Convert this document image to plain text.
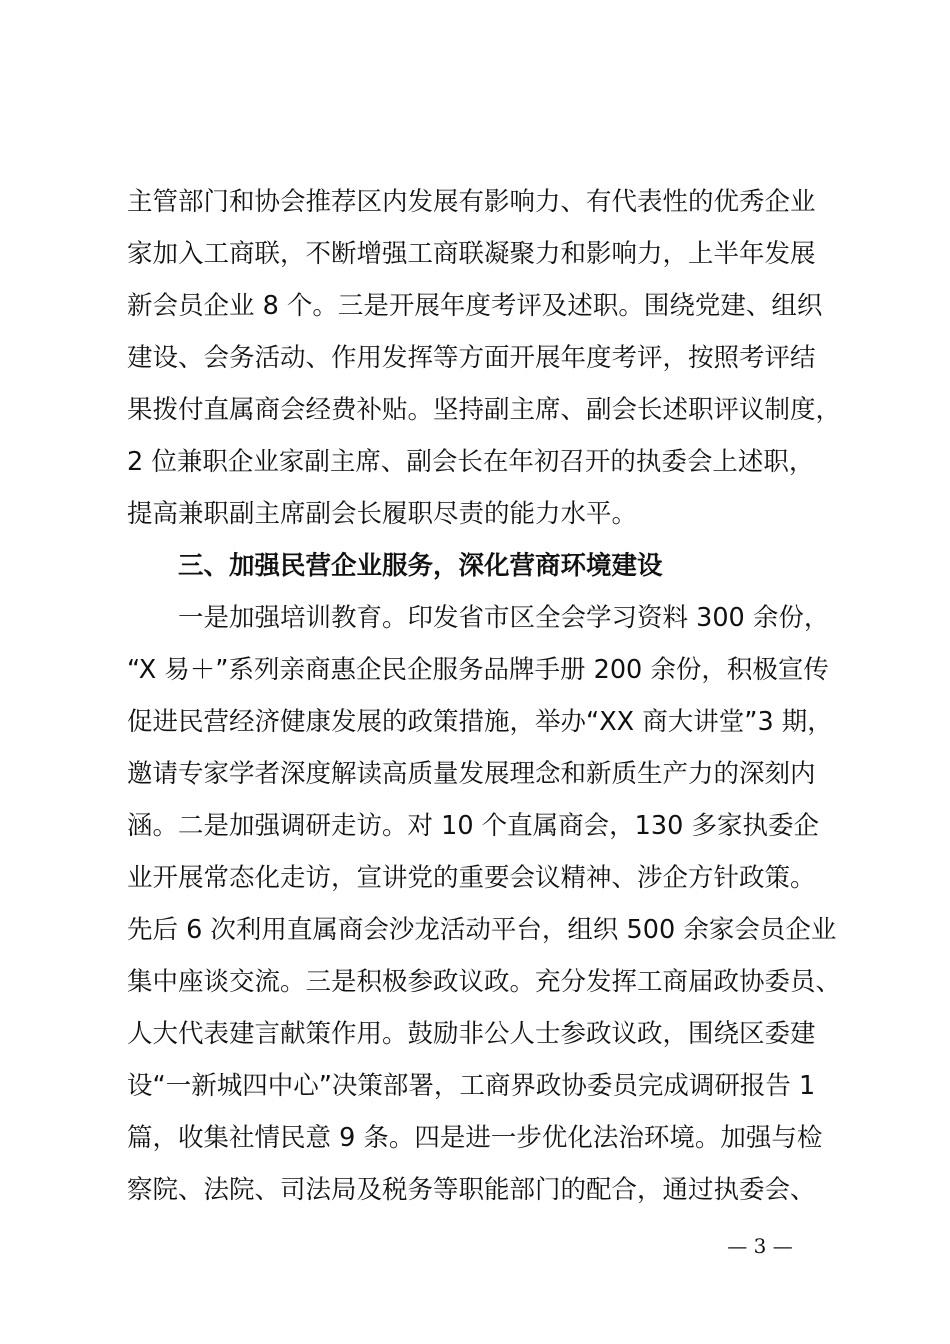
主管部门和协会推荐区内发展有影响力、有代表性的优秀企业
家加入工商联，不断增强工商联凝聚力和影响力，上半年发展
新会员企业 8 个。三是开展年度考评及述职。围绕党建、组织
建设、会务活动、作用发挥等方面开展年度考评，按照考评结
果拨付直属商会经费补贴。坚持副主席、副会长述职评议制度，
2 位兼职企业家副主席、副会长在年初召开的执委会上述职，
提高兼职副主席副会长履职尽责的能力水平。
　　三、加强民营企业服务，深化营商环境建设
　　一是加强培训教育。印发省市区全会学习资料 300 余份，
“X 易＋”系列亲商惠企民企服务品牌手册 200 余份，积极宣传
促进民营经济健康发展的政策措施，举办“XX 商大讲堂”3 期，
邀请专家学者深度解读高质量发展理念和新质生产力的深刻内
涵。二是加强调研走访。对 10 个直属商会，130 多家执委企
业开展常态化走访，宣讲党的重要会议精神、涉企方针政策。
先后 6 次利用直属商会沙龙活动平台，组织 500 余家会员企业
集中座谈交流。三是积极参政议政。充分发挥工商届政协委员、
人大代表建言献策作用。鼓励非公人士参政议政，围绕区委建
设“一新城四中心”决策部署，工商界政协委员完成调研报告 1
篇，收集社情民意 9 条。四是进一步优化法治环境。加强与检
察院、法院、司法局及税务等职能部门的配合，通过执委会、
— 3 —
